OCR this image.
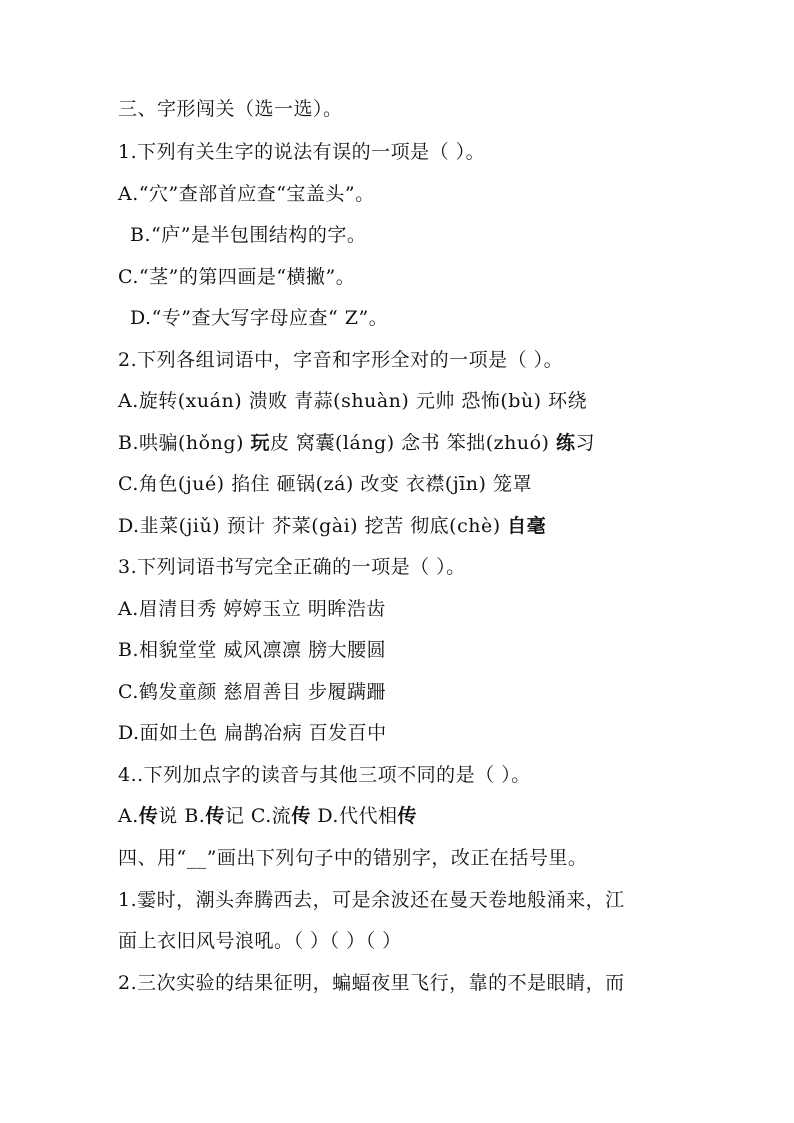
三、字形闯关（选一选）。
1.下列有关生字的说法有误的一项是（ ）。
A.“穴”查部首应查“宝盖头”。
B.“庐”是半包围结构的字。
C.“茎”的第四画是“横撇”。
D.“专”查大写字母应查“ Z”。
2.下列各组词语中，字音和字形全对的一项是（ ）。
A.旋转(xuán) 溃败 青蒜(shuàn) 元帅 恐怖(bù) 环绕
B.哄骗(hǒng) 玩皮 窝囊(láng) 念书 笨拙(zhuó) 练习
C.角色(jué) 掐住 砸锅(zá) 改变 衣襟(jīn) 笼罩
D.韭菜(jiǔ) 预计 芥菜(gài) 挖苦 彻底(chè) 自毫
3.下列词语书写完全正确的一项是（ ）。
A.眉清目秀 婷婷玉立 明眸浩齿
B.相貌堂堂 威风凛凛 膀大腰圆
C.鹤发童颜 慈眉善目 步履蹒跚
D.面如土色 扁鹊冶病 百发百中
4..下列加点字的读音与其他三项不同的是（ ）。
A.传说 B.传记 C.流传 D.代代相传
四、用“__”画出下列句子中的错别字，改正在括号里。
1.霎时，潮头奔腾西去，可是余波还在曼天卷地般涌来，江
面上衣旧风号浪吼。（ ）（ ）（ ）
2.三次实验的结果征明，蝙蝠夜里飞行，靠的不是眼睛，而
